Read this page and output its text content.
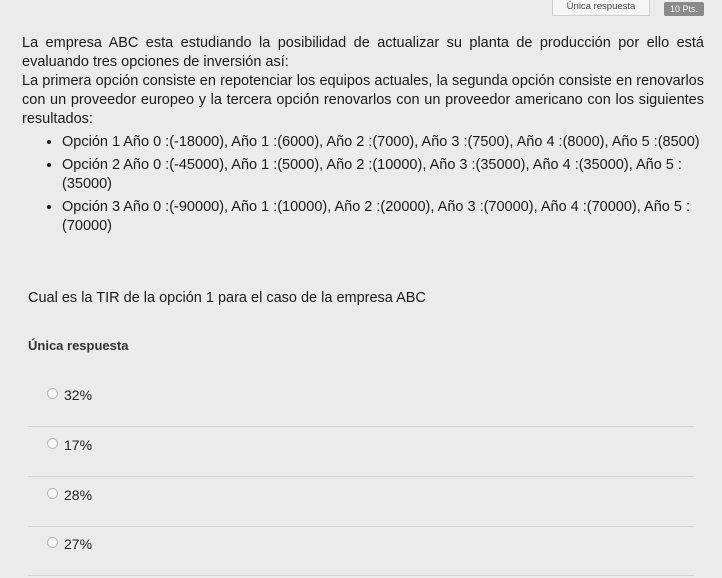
Única respuesta	10 Pts.

La empresa ABC esta estudiando la posibilidad de actualizar su planta de producción por ello está evaluando tres opciones de inversión así:

La primera opción consiste en repotenciar los equipos actuales, la segunda opción consiste en renovarlos con un proveedor europeo y la tercera opción renovarlos con un proveedor americano con los siguientes resultados:

• Opción 1 Año 0 :(-18000), Año 1 :(6000), Año 2 :(7000), Año 3 :(7500), Año 4 :(8000), Año 5 :(8500)
• Opción 2 Año 0 :(-45000), Año 1 :(5000), Año 2 :(10000), Año 3 :(35000), Año 4 :(35000), Año 5 :(35000)
• Opción 3 Año 0 :(-90000), Año 1 :(10000), Año 2 :(20000), Año 3 :(70000), Año 4 :(70000), Año 5 :(70000)
Cual es la TIR de la opción 1 para el caso de la empresa ABC
Única respuesta
32%
17%
28%
27%
